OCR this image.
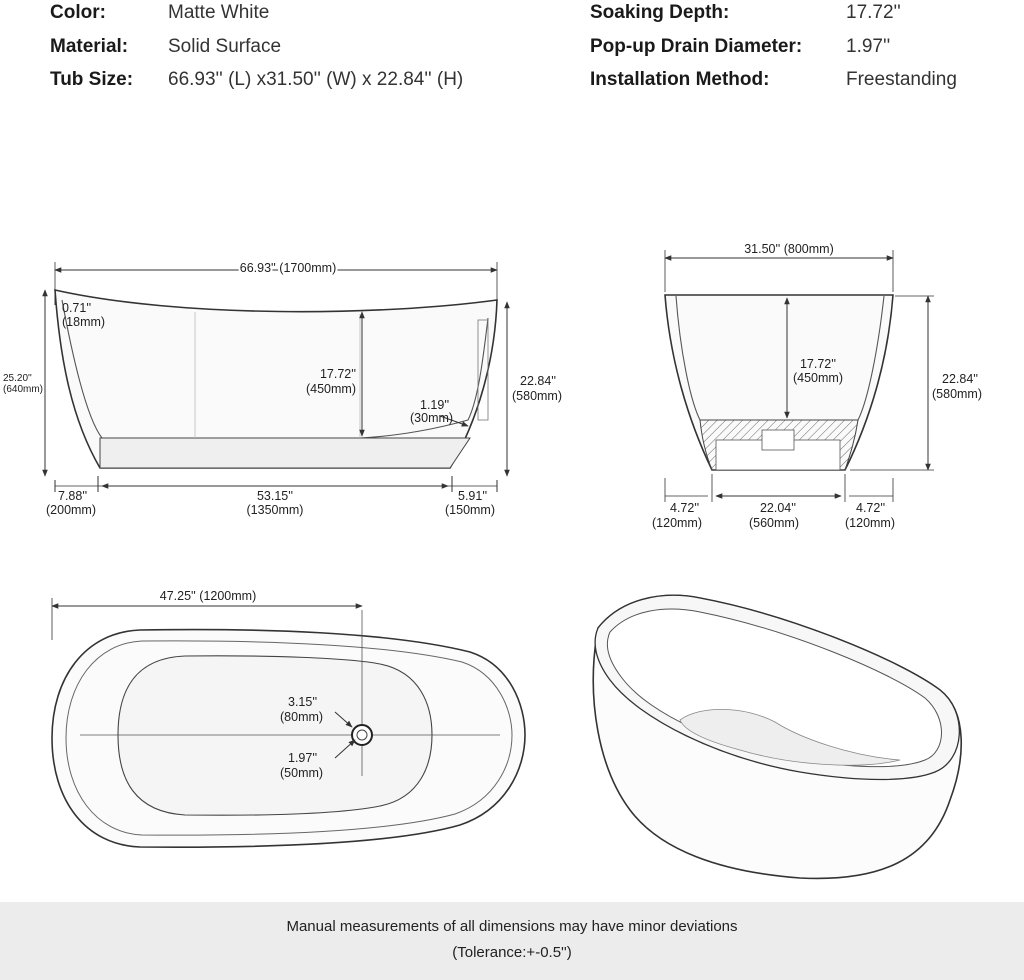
Color:	Matte White
Material: Solid Surface
Tub Size: 66.93'' (L) x31.50'' (W) x 22.84'' (H)
Soaking Depth:	17.72''
Pop-up Drain Diameter: 1.97''
Installation Method:	Freestanding
66.93'' (1700mm)
0.71''
(18mm)
25.20''
(640mm)
17.72''
(450mm)
1.19''
(30mm)
22.84''
(580mm)
7.88''
(200mm)
53.15''
(1350mm)
5.91''
(150mm)
31.50'' (800mm)
17.72''
(450mm)	22.84''
(580mm)
4.72''
(120mm)
22.04''
(560mm)
4.72''
(120mm)
47.25'' (1200mm)
3.15''
(80mm)
1.97''
(50mm)
Manual measurements of all dimensions may have minor deviations
(Tolerance:+-0.5'')
